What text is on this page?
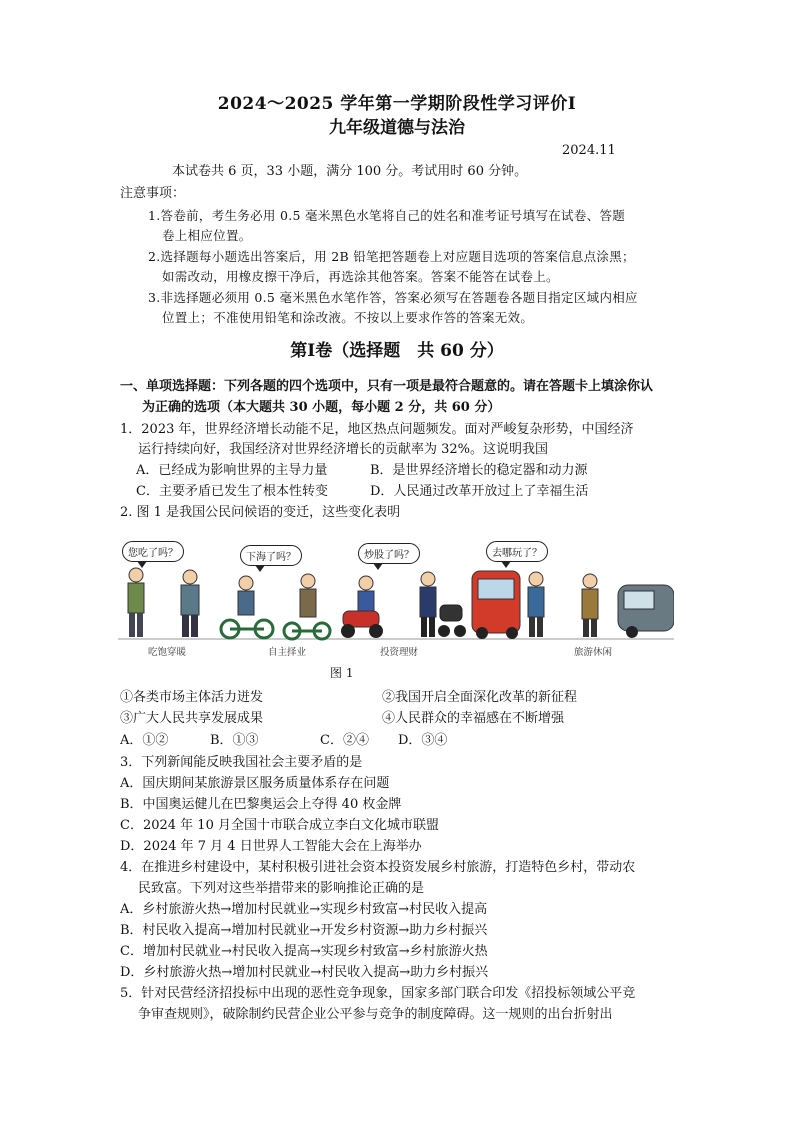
2024～2025 学年第一学期阶段性学习评价Ⅰ
九年级道德与法治
2024.11
本试卷共 6 页，33 小题，满分 100 分。考试用时 60 分钟。
注意事项：
1.答卷前，考生务必用 0.5 毫米黑色水笔将自己的姓名和准考证号填写在试卷、答题
卷上相应位置。
2.选择题每小题选出答案后，用 2B 铅笔把答题卷上对应题目选项的答案信息点涂黑；
如需改动，用橡皮擦干净后，再选涂其他答案。答案不能答在试卷上。
3.非选择题必须用 0.5 毫米黑色水笔作答，答案必须写在答题卷各题目指定区域内相应
位置上；不准使用铅笔和涂改液。不按以上要求作答的答案无效。
第Ⅰ卷（选择题　共 60 分）
一、单项选择题：下列各题的四个选项中，只有一项是最符合题意的。请在答题卡上填涂你认
为正确的选项（本大题共 30 小题，每小题 2 分，共 60 分）
1．2023 年，世界经济增长动能不足，地区热点问题频发。面对严峻复杂形势，中国经济
运行持续向好，我国经济对世界经济增长的贡献率为 32%。这说明我国
A．已经成为影响世界的主导力量	B．是世界经济增长的稳定器和动力源
C．主要矛盾已发生了根本性转变	D．人民通过改革开放过上了幸福生活
2. 图 1 是我国公民问候语的变迁，这些变化表明
您吃了吗？	下海了吗？	炒股了吗？	去哪玩了？
吃饱穿暖	自主择业	投资理财	旅游休闲
图 1
①各类市场主体活力迸发	②我国开启全面深化改革的新征程
③广大人民共享发展成果	④人民群众的幸福感在不断增强
A．①②	B．①③	C．②④ D．③④
3．下列新闻能反映我国社会主要矛盾的是
A．国庆期间某旅游景区服务质量体系存在问题
B．中国奥运健儿在巴黎奥运会上夺得 40 枚金牌
C．2024 年 10 月全国十市联合成立李白文化城市联盟
D．2024 年 7 月 4 日世界人工智能大会在上海举办
4．在推进乡村建设中，某村积极引进社会资本投资发展乡村旅游，打造特色乡村，带动农
民致富。下列对这些举措带来的影响推论正确的是
A．乡村旅游火热→增加村民就业→实现乡村致富→村民收入提高
B．村民收入提高→增加村民就业→开发乡村资源→助力乡村振兴
C．增加村民就业→村民收入提高→实现乡村致富→乡村旅游火热
D．乡村旅游火热→增加村民就业→村民收入提高→助力乡村振兴
5．针对民营经济招投标中出现的恶性竞争现象，国家多部门联合印发《招投标领域公平竞
争审查规则》，破除制约民营企业公平参与竞争的制度障碍。这一规则的出台折射出
